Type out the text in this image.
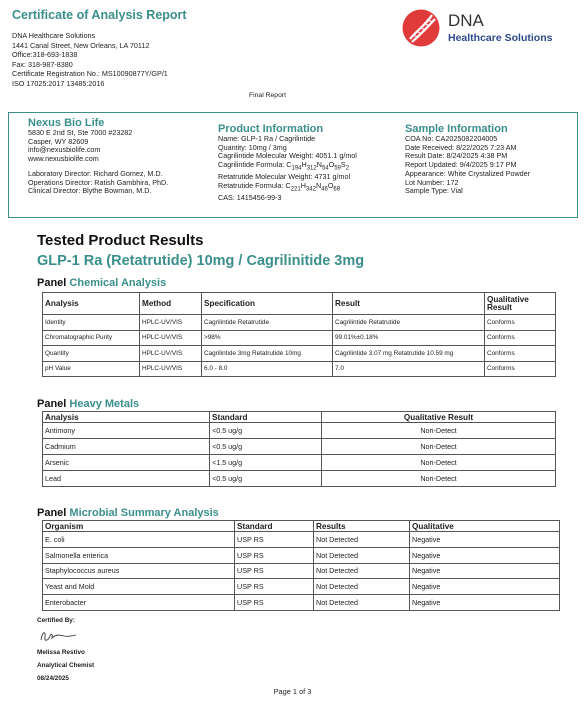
Certificate of Analysis Report
DNA Healthcare Solutions
1441 Canal Street, New Orleans, LA 70112
Office:318-693-1838
Fax: 318-987-8380
Certificate Registration No.: MS10090877Y/GP/1
ISO 17025:2017 13485:2016
DNA
Healthcare Solutions
Final Report
Nexus Bio Life
5830 E 2nd St, Ste 7000 #23282
Casper, WY 82609
info@nexusbiolife.com
www.nexusbiolife.com
Laboratory Director: Richard Gomez, M.D.
Operations Director: Ratish Gambhira, PhD.
Clinical Director: Blythe Bowman, M.D.
Product Information
Name: GLP-1 Ra / Cagrilintide
Quantity: 10mg / 3mg
Cagrilintide Molecular Weight: 4051.1 g/mol
Cagrilintide Formula: $C_{194}H_{312}N_{54}O_{59}S_2$
Retatrutide Molecular Weight: 4731 g/mol
Retatrutide Formula: $C_{221}H_{342}N_{46}O_{68}$
CAS: 1415456-99-3
Sample Information
COA No: CA2025082204005
Date Received: 8/22/2025 7:23 AM
Result Date: 8/24/2025 4:38 PM
Report Updated: 9/4/2025 9:17 PM
Appearance: White Crystalized Powder
Lot Number: 172
Sample Type: Vial
Tested Product Results
GLP-1 Ra (Retatrutide) 10mg / Cagrilinitide 3mg
Panel Chemical Analysis
Analysis	Method	Specification	Result	Qualitative Result
Identity	HPLC-UV/VIS	Cagrilintide Retatrutide	Cagrilintide Retatrutide	Conforms
Chromatographic Purity	HPLC-UV/VIS	>98%	99.01%±0.18%	Conforms
Quantity	HPLC-UV/VIS	Cagrilintide 3mg Retatrutide 10mg	Cagrilintide 3.07 mg Retatrutide 10.59 mg	Conforms
pH Value	HPLC-UV/VIS	6.0 - 8.0	7.0	Conforms
Panel Heavy Metals
Analysis	Standard	Qualitative Result
Antimony	<0.5 ug/g	Non-Detect
Cadmium	<0.5 ug/g	Non-Detect
Arsenic	<1.5 ug/g	Non-Detect
Lead	<0.5 ug/g	Non-Detect
Panel Microbial Summary Analysis
Organism	Standard	Results	Qualitative
E. coli	USP RS	Not Detected	Negative
Salmonella enterica	USP RS	Not Detected	Negative
Staphylococcus aureus	USP RS	Not Detected	Negative
Yeast and Mold	USP RS	Not Detected	Negative
Enterobacter	USP RS	Not Detected	Negative
Certified By:
Melissa Restivo
Analytical Chemist
08/24/2025
Page 1 of 3
